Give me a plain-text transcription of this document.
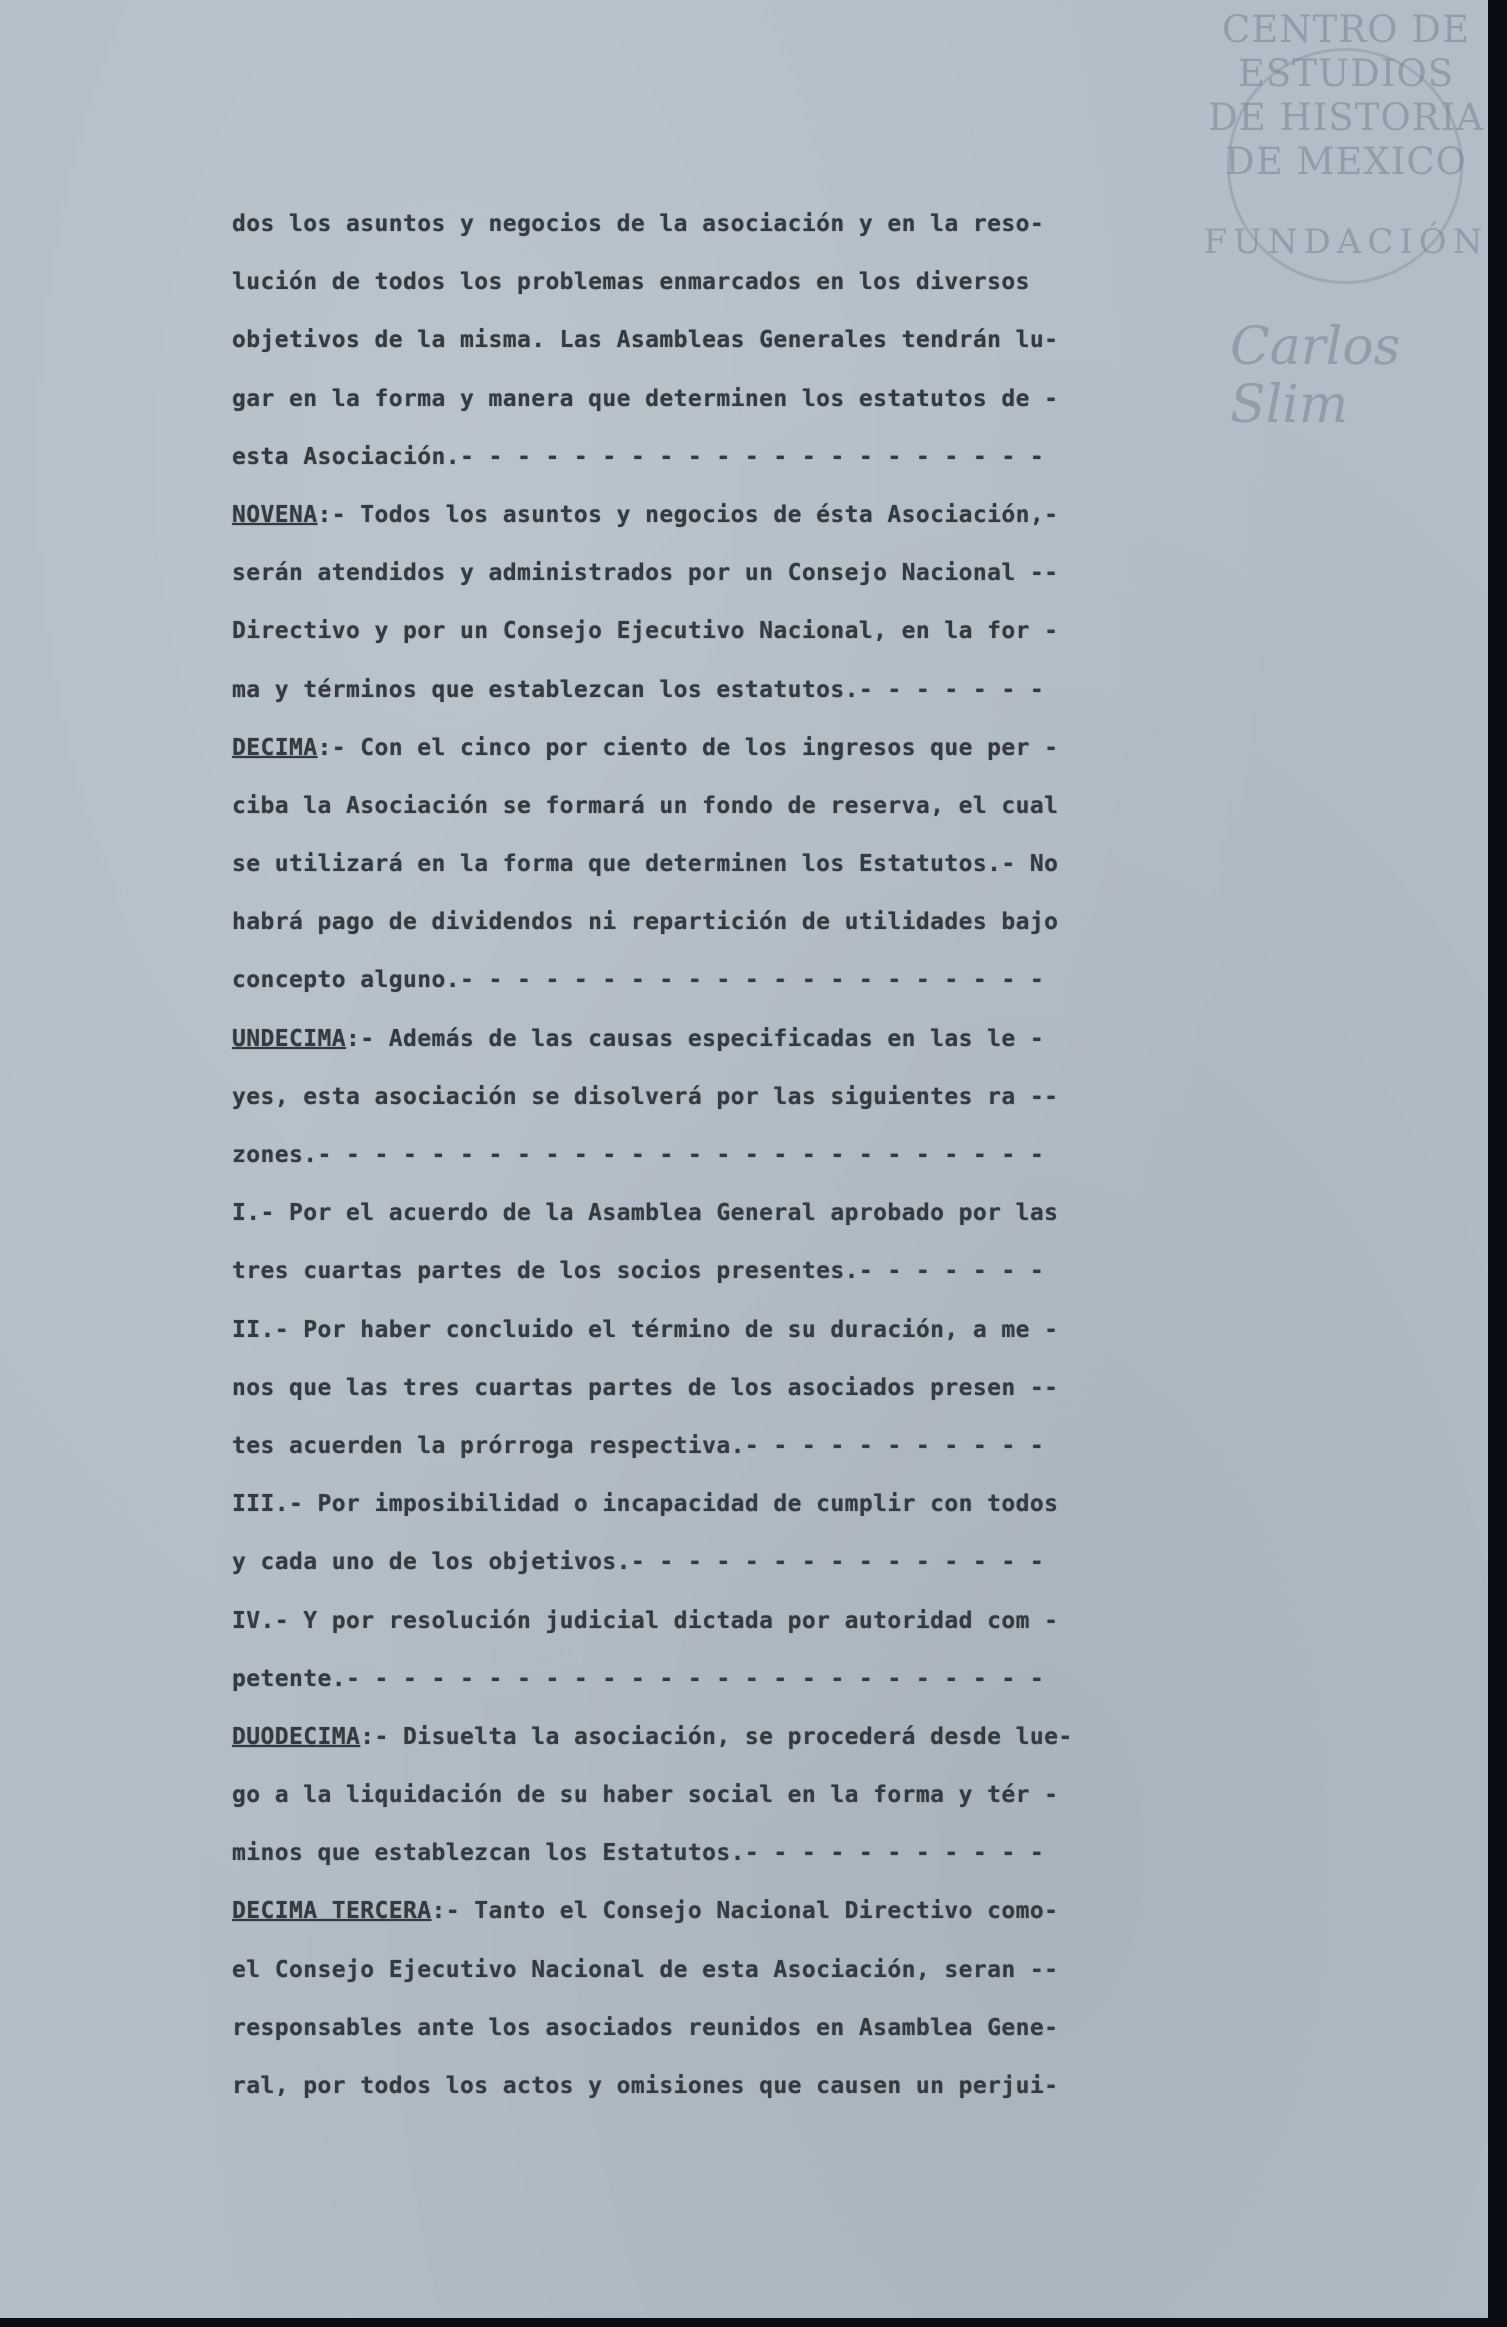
CENTRO DE
ESTUDIOS
DE HISTORIA
DE MEXICO
FUNDACIÓN
Carlos Slim
dos los asuntos y negocios de la asociación y en la reso-
lución de todos los problemas enmarcados en los diversos
objetivos de la misma. Las Asambleas Generales tendrán lu-
gar en la forma y manera que determinen los estatutos de -
esta Asociación.- - - - - - - - - - - - - - - - - - - - -
NOVENA:- Todos los asuntos y negocios de ésta Asociación,-
serán atendidos y administrados por un Consejo Nacional --
Directivo y por un Consejo Ejecutivo Nacional, en la for -
ma y términos que establezcan los estatutos.- - - - - - -
DECIMA:- Con el cinco por ciento de los ingresos que per -
ciba la Asociación se formará un fondo de reserva, el cual
se utilizará en la forma que determinen los Estatutos.- No
habrá pago de dividendos ni repartición de utilidades bajo
concepto alguno.- - - - - - - - - - - - - - - - - - - - -
UNDECIMA:- Además de las causas especificadas en las le -
yes, esta asociación se disolverá por las siguientes ra --
zones.- - - - - - - - - - - - - - - - - - - - - - - - - -
I.- Por el acuerdo de la Asamblea General aprobado por las
tres cuartas partes de los socios presentes.- - - - - - -
II.- Por haber concluido el término de su duración, a me -
nos que las tres cuartas partes de los asociados presen --
tes acuerden la prórroga respectiva.- - - - - - - - - - -
III.- Por imposibilidad o incapacidad de cumplir con todos
y cada uno de los objetivos.- - - - - - - - - - - - - - -
IV.- Y por resolución judicial dictada por autoridad com -
petente.- - - - - - - - - - - - - - - - - - - - - - - - -
DUODECIMA:- Disuelta la asociación, se procederá desde lue-
go a la liquidación de su haber social en la forma y tér -
minos que establezcan los Estatutos.- - - - - - - - - - -
DECIMA TERCERA:- Tanto el Consejo Nacional Directivo como-
el Consejo Ejecutivo Nacional de esta Asociación, seran --
responsables ante los asociados reunidos en Asamblea Gene-
ral, por todos los actos y omisiones que causen un perjui-
